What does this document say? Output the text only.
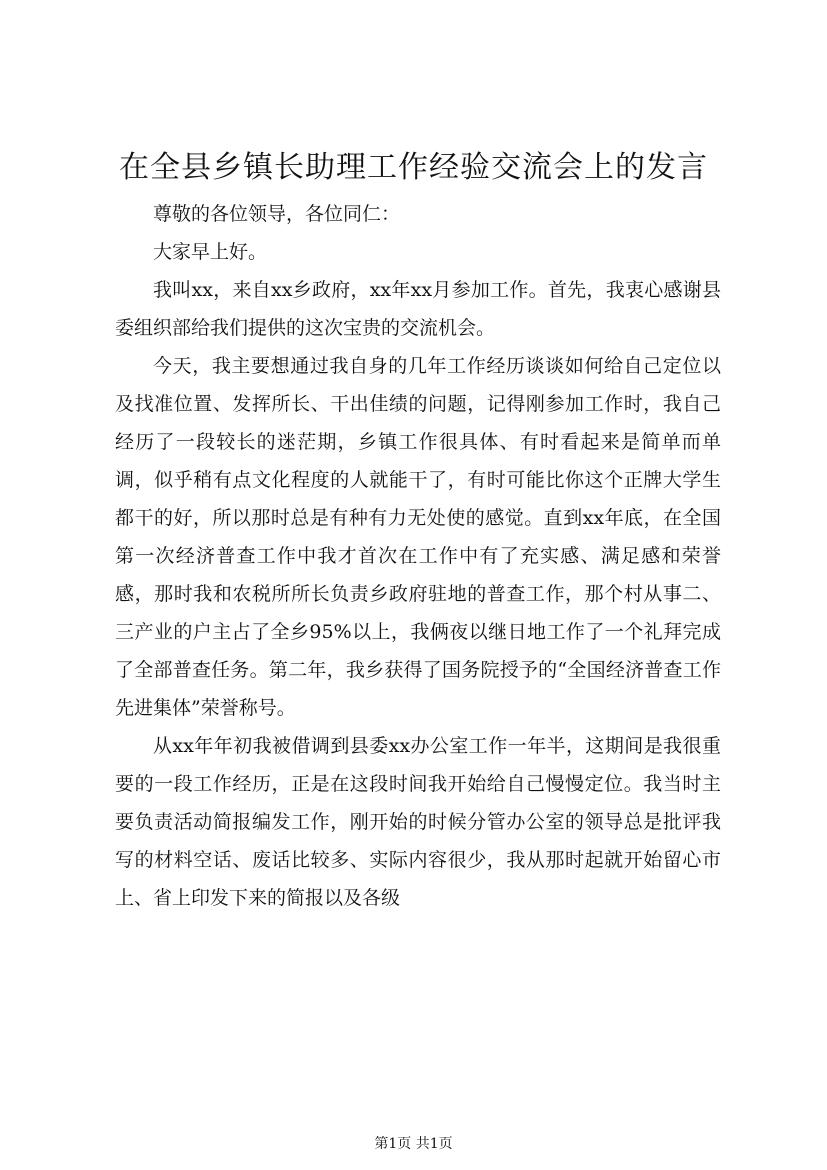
在全县乡镇长助理工作经验交流会上的发言

尊敬的各位领导，各位同仁：

大家早上好。

我叫xx，来自xx乡政府，xx年xx月参加工作。首先，我衷心感谢县委组织部给我们提供的这次宝贵的交流机会。

今天，我主要想通过我自身的几年工作经历谈谈如何给自己定位以及找准位置、发挥所长、干出佳绩的问题，记得刚参加工作时，我自己经历了一段较长的迷茫期，乡镇工作很具体、有时看起来是简单而单调，似乎稍有点文化程度的人就能干了，有时可能比你这个正牌大学生都干的好，所以那时总是有种有力无处使的感觉。直到xx年底，在全国第一次经济普查工作中我才首次在工作中有了充实感、满足感和荣誉感，那时我和农税所所长负责乡政府驻地的普查工作，那个村从事二、三产业的户主占了全乡95%以上，我俩夜以继日地工作了一个礼拜完成了全部普查任务。第二年，我乡获得了国务院授予的“全国经济普查工作先进集体”荣誉称号。

从xx年年初我被借调到县委xx办公室工作一年半，这期间是我很重要的一段工作经历，正是在这段时间我开始给自己慢慢定位。我当时主要负责活动简报编发工作，刚开始的时候分管办公室的领导总是批评我写的材料空话、废话比较多、实际内容很少，我从那时起就开始留心市上、省上印发下来的简报以及各级

第1页 共1页
